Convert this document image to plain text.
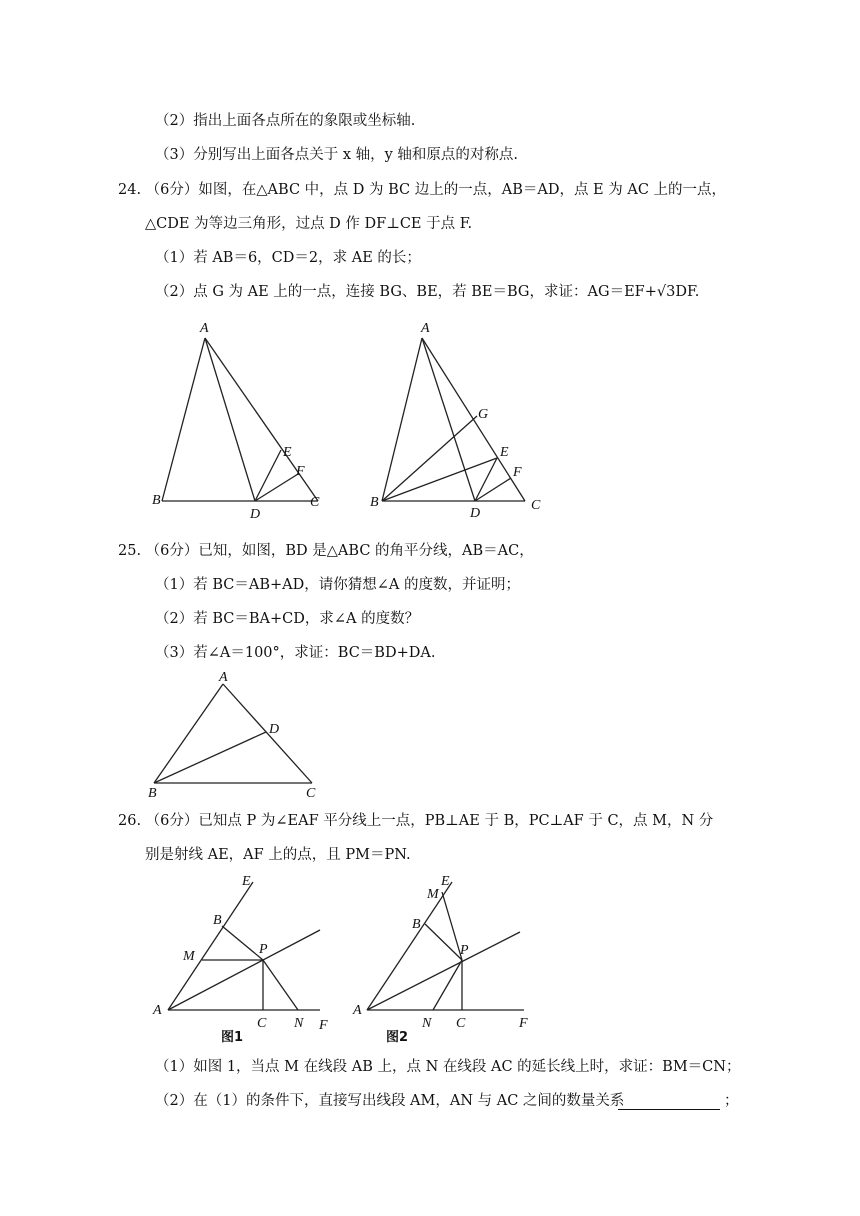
（2）指出上面各点所在的象限或坐标轴.
（3）分别写出上面各点关于 x 轴，y 轴和原点的对称点.
24. （6分）如图，在△ABC 中，点 D 为 BC 边上的一点，AB＝AD，点 E 为 AC 上的一点，
△CDE 为等边三角形，过点 D 作 DF⊥CE 于点 F.
（1）若 AB＝6，CD＝2，求 AE 的长；
（2）点 G 为 AE 上的一点，连接 BG、BE，若 BE＝BG，求证：AG＝EF+√3DF.
A
B
D
E
F
C
A
G
E
F
B
D
C
25. （6分）已知，如图，BD 是△ABC 的角平分线，AB＝AC，
（1）若 BC＝AB+AD，请你猜想∠A 的度数，并证明；
（2）若 BC＝BA+CD，求∠A 的度数？
（3）若∠A＝100°，求证：BC＝BD+DA.
A
D
B	C
26. （6分）已知点 P 为∠EAF 平分线上一点，PB⊥AE 于 B，PC⊥AF 于 C，点 M，N 分
别是射线 AE，AF 上的点，且 PM＝PN.
E
B
M	P
A
C N F
图1
E
M
B
P
A
N C	F
图2
（1）如图 1，当点 M 在线段 AB 上，点 N 在线段 AC 的延长线上时，求证：BM＝CN；
（2）在（1）的条件下，直接写出线段 AM，AN 与 AC 之间的数量关系	；
